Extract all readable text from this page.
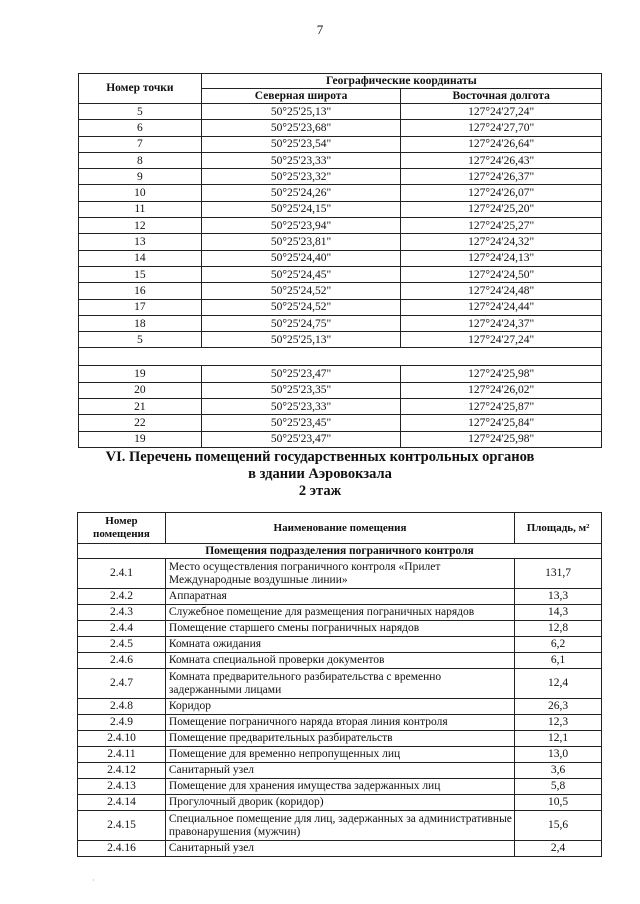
7
Номер точки	Географические координаты	
	Северная широта	Восточная долгота
5	50°25'25,13"	127°24'27,24"
6	50°25'23,68"	127°24'27,70"
7	50°25'23,54"	127°24'26,64"
8	50°25'23,33"	127°24'26,43"
9	50°25'23,32"	127°24'26,37"
10	50°25'24,26"	127°24'26,07"
11	50°25'24,15"	127°24'25,20"
12	50°25'23,94"	127°24'25,27"
13	50°25'23,81"	127°24'24,32"
14	50°25'24,40"	127°24'24,13"
15	50°25'24,45"	127°24'24,50"
16	50°25'24,52"	127°24'24,48"
17	50°25'24,52"	127°24'24,44"
18	50°25'24,75"	127°24'24,37"
5	50°25'25,13"	127°24'27,24"

19	50°25'23,47"	127°24'25,98"
20	50°25'23,35"	127°24'26,02"
21	50°25'23,33"	127°24'25,87"
22	50°25'23,45"	127°24'25,84"
19	50°25'23,47"	127°24'25,98"
VI. Перечень помещений государственных контрольных органов
в здании Аэровокзала
2 этаж
Номер помещения	Наименование помещения	Площадь, м²
Помещения подразделения пограничного контроля		
2.4.1	Место осуществления пограничного контроля «Прилет Международные воздушные линии»	131,7
2.4.2	Аппаратная	13,3
2.4.3	Служебное помещение для размещения пограничных нарядов	14,3
2.4.4	Помещение старшего смены пограничных нарядов	12,8
2.4.5	Комната ожидания	6,2
2.4.6	Комната специальной проверки документов	6,1
2.4.7	Комната предварительного разбирательства с временно задержанными лицами	12,4
2.4.8	Коридор	26,3
2.4.9	Помещение пограничного наряда вторая линия контроля	12,3
2.4.10	Помещение предварительных разбирательств	12,1
2.4.11	Помещение для временно непропущенных лиц	13,0
2.4.12	Санитарный узел	3,6
2.4.13	Помещение для хранения имущества задержанных лиц	5,8
2.4.14	Прогулочный дворик (коридор)	10,5
2.4.15	Специальное помещение для лиц, задержанных за административные правонарушения (мужчин)	15,6
2.4.16	Санитарный узел	2,4
·
